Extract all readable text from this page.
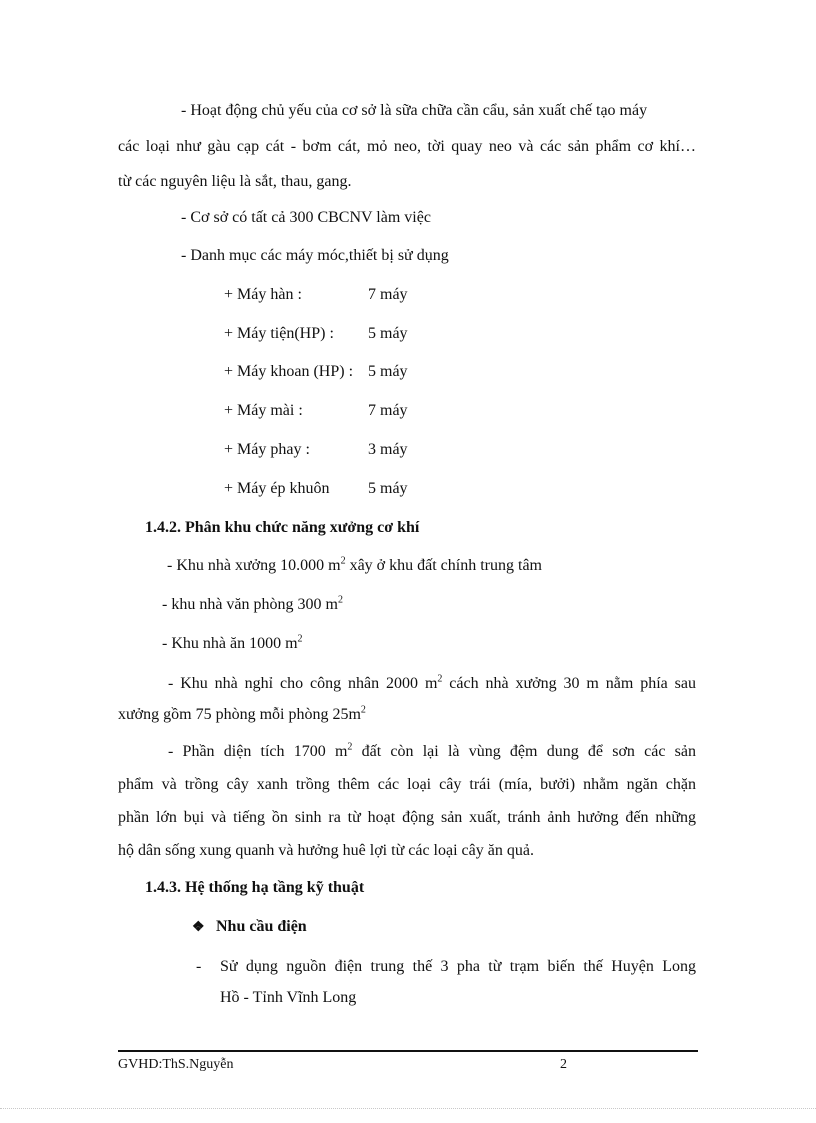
- Hoạt động chủ yếu của cơ sở là sữa chữa cần cẩu, sản xuất chế tạo máy
các loại như gàu cạp cát - bơm cát, mỏ neo, tời quay neo và các sản phẩm cơ khí…
từ các nguyên liệu là sắt, thau, gang.
- Cơ sở có tất cả 300 CBCNV làm việc
- Danh mục các máy móc,thiết bị sử dụng
+ Máy hàn :	7 máy
+ Máy tiện(HP) : 5 máy
+ Máy khoan (HP) : 5 máy
+ Máy mài :	7 máy
+ Máy phay :	3 máy
+ Máy ép khuôn 5 máy
1.4.2. Phân khu chức năng xưởng cơ khí
- Khu nhà xưởng 10.000 $m^2$ xây ở khu đất chính trung tâm
- khu nhà văn phòng 300 $m^2$
- Khu nhà ăn 1000 $m^2$
- Khu nhà nghỉ cho công nhân 2000 $m^2$ cách nhà xưởng 30 m nằm phía sau
xưởng gồm 75 phòng mỗi phòng $25m^2$
- Phần diện tích 1700 $m^2$ đất còn lại là vùng đệm dung để sơn các sản
phẩm và trồng cây xanh trồng thêm các loại cây trái (mía, bưởi) nhằm ngăn chặn
phần lớn bụi và tiếng ồn sinh ra từ hoạt động sản xuất, tránh ảnh hưởng đến những
hộ dân sống xung quanh và hưởng huê lợi từ các loại cây ăn quả.
1.4.3. Hệ thống hạ tầng kỹ thuật
❖ Nhu cầu điện
- Sử dụng nguồn điện trung thế 3 pha từ trạm biến thế Huyện Long
Hồ - Tỉnh Vĩnh Long
GVHD:ThS.Nguyễn	2
